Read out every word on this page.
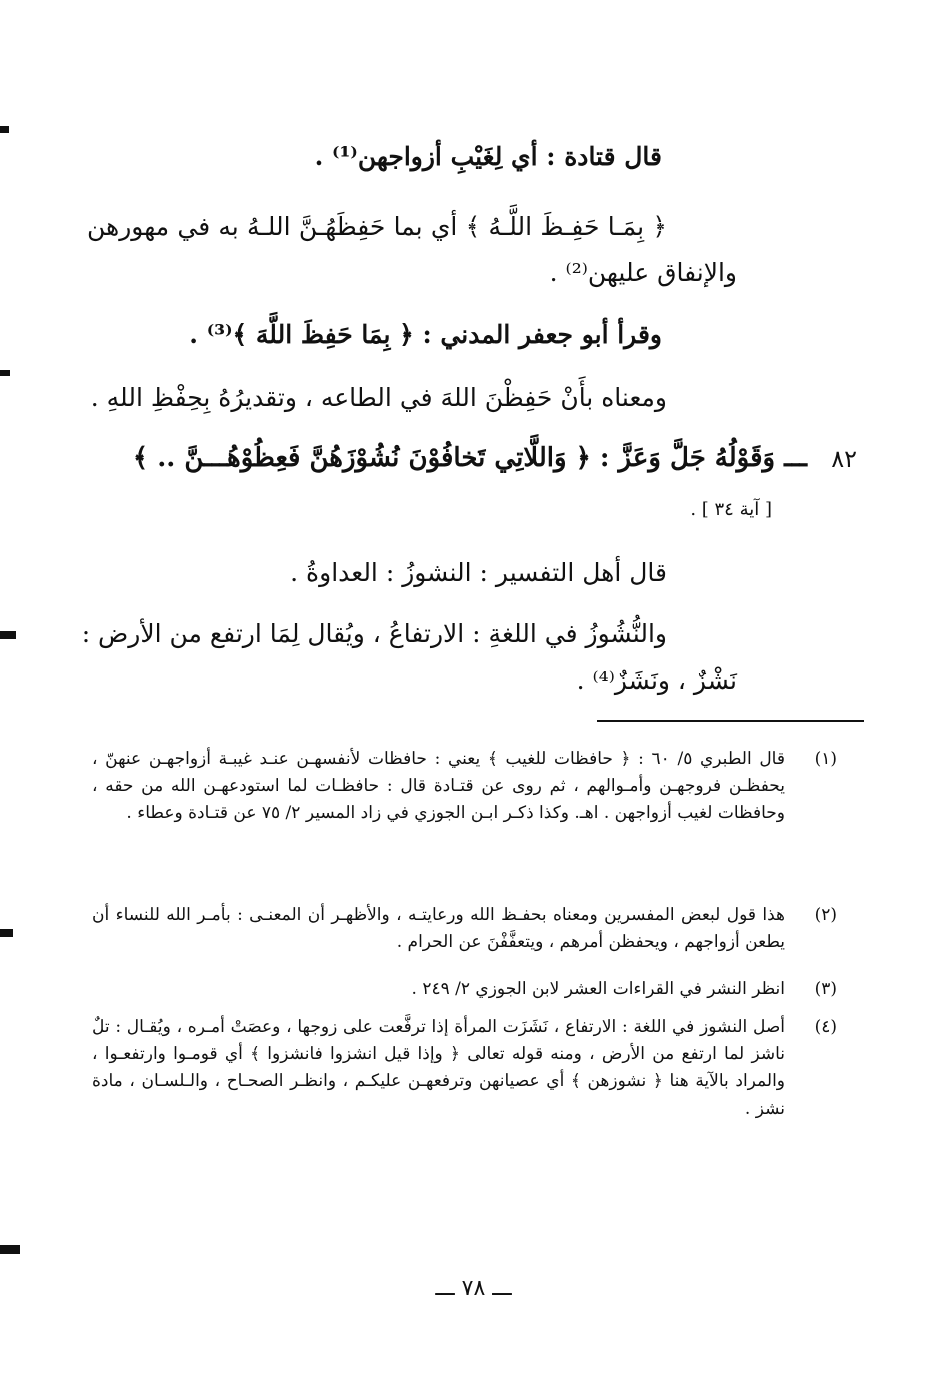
قال قتادة : أي لِغَيْبِ أزواجهن⁽¹⁾ .
﴿ بِمَـا حَفِـظَ اللَّـهُ ﴾ أي بما حَفِظَهُـنَّ اللـهُ به في مهورهن
والإنفاق عليهن⁽²⁾ .
وقرأ أبو جعفر المدني : ﴿ بِمَا حَفِظَ اللَّهَ ﴾⁽³⁾ .
ومعناه بأَنْ حَفِظْنَ اللهَ في الطاعه ، وتقديرُهُ بِحِفْظِ اللهِ .
٨٢
ـــ وَقَوْلُهُ جَلَّ وَعَزَّ : ﴿ وَاللَّاتِي تَخافُوْنَ نُشُوْزَهُنَّ فَعِظُوْهُـــنَّ .. ﴾
[ آية ٣٤ ] .
قال أهل التفسير : النشوزُ : العداوةُ .
والنُّشُوزُ في اللغةِ : الارتفاعُ ، ويُقال لِمَا ارتفع من الأرض :
نَشْزٌ ، ونَشَزٌ⁽⁴⁾ .
(١)
قال الطبري ٥/ ٦٠ : ﴿ حافظات للغيب ﴾ يعني : حافظات لأنفسهـن عنـد غيبـة أزواجهـن عنهنّ ، يحفظـن فروجهـن وأمـوالهم ، ثم روى عن قتـادة قال : حافظـات لما استودعهـن الله من حقه ، وحافظات لغيب أزواجهن . اهـ. وكذا ذكـر ابـن الجوزي في زاد المسير ٢/ ٧٥ عن قتـادة وعطاء .
(٢)
هذا قول لبعض المفسرين ومعناه بحفـظ الله ورعايتـه ، والأظهـر أن المعنـى : بأمـر الله للنساء أن يطعن أزواجهم ، ويحفظن أمرهم ، ويتعفَّفْنَ عن الحرام .
(٣)
انظر النشر في القراءات العشر لابن الجوزي ٢/ ٢٤٩ .
(٤)
أصل النشوز في اللغة : الارتفاع ، نَشَزَت المرأة إذا ترفَّعت على زوجها ، وعصَتْ أمـره ، ويُقـال : تلٌ ناشز لما ارتفع من الأرض ، ومنه قوله تعالى ﴿ وإذا قيل انشزوا فانشزوا ﴾ أي قومـوا وارتفعـوا ، والمراد بالآية هنا ﴿ نشوزهن ﴾ أي عصيانهن وترفعهـن عليكـم ، وانظـر الصحـاح ، والـلسـان ، مادة نشز .
ـــ ٧٨ ـــ
